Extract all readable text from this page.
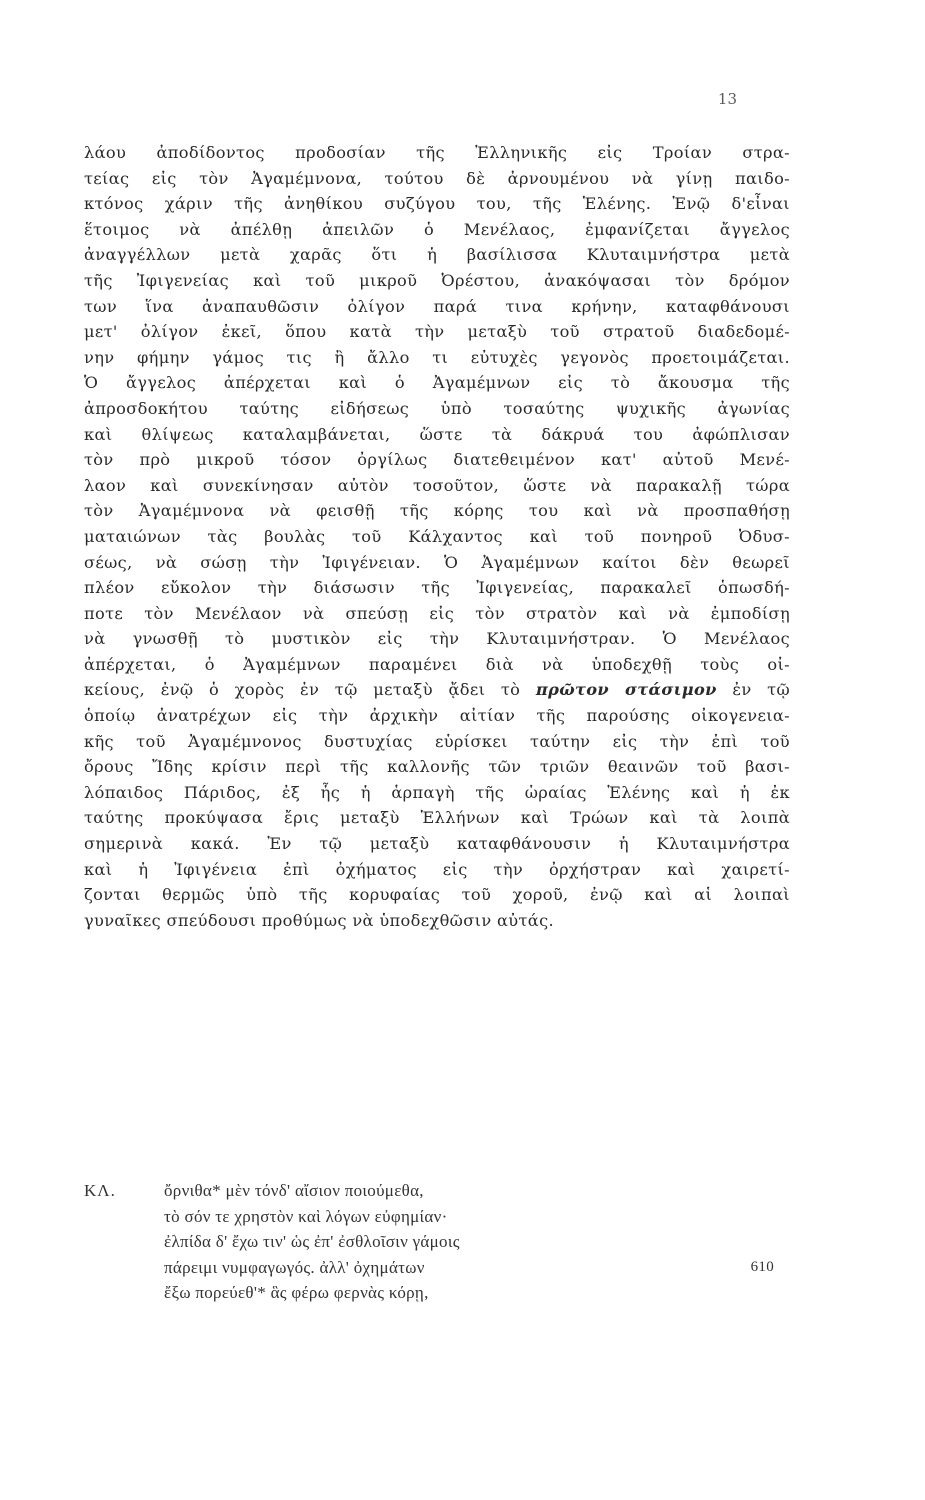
13
λάου ἀποδίδοντος προδοσίαν τῆς Ἑλληνικῆς εἰς Τροίαν στρα-
τείας εἰς τὸν Ἀγαμέμνονα, τούτου δὲ ἀρνουμένου νὰ γίνῃ παιδο-
κτόνος χάριν τῆς ἀνηθίκου συζύγου του, τῆς Ἑλένης. Ἐνῷ δ'εἶναι
ἕτοιμος νὰ ἀπέλθῃ ἀπειλῶν ὁ Μενέλαος, ἐμφανίζεται ἄγγελος
ἀναγγέλλων μετὰ χαρᾶς ὅτι ἡ βασίλισσα Κλυταιμνήστρα μετὰ
τῆς Ἰφιγενείας καὶ τοῦ μικροῦ Ὀρέστου, ἀνακόψασαι τὸν δρόμον
των ἵνα ἀναπαυθῶσιν ὀλίγον παρά τινα κρήνην, καταφθάνουσι
μετ' ὀλίγον ἐκεῖ, ὅπου κατὰ τὴν μεταξὺ τοῦ στρατοῦ διαδεδομέ-
νην φήμην γάμος τις ἢ ἄλλο τι εὐτυχὲς γεγονὸς προετοιμάζεται.
Ὁ ἄγγελος ἀπέρχεται καὶ ὁ Ἀγαμέμνων εἰς τὸ ἄκουσμα τῆς
ἀπροσδοκήτου ταύτης εἰδήσεως ὑπὸ τοσαύτης ψυχικῆς ἀγωνίας
καὶ θλίψεως καταλαμβάνεται, ὥστε τὰ δάκρυά του ἀφώπλισαν
τὸν πρὸ μικροῦ τόσον ὀργίλως διατεθειμένον κατ' αὐτοῦ Μενέ-
λαον καὶ συνεκίνησαν αὐτὸν τοσοῦτον, ὥστε νὰ παρακαλῇ τώρα
τὸν Ἀγαμέμνονα νὰ φεισθῇ τῆς κόρης του καὶ νὰ προσπαθήσῃ
ματαιώνων τὰς βουλὰς τοῦ Κάλχαντος καὶ τοῦ πονηροῦ Ὀδυσ-
σέως, νὰ σώσῃ τὴν Ἰφιγένειαν. Ὁ Ἀγαμέμνων καίτοι δὲν θεωρεῖ
πλέον εὔκολον τὴν διάσωσιν τῆς Ἰφιγενείας, παρακαλεῖ ὁπωσδή-
ποτε τὸν Μενέλαον νὰ σπεύσῃ εἰς τὸν στρατὸν καὶ νὰ ἐμποδίσῃ
νὰ γνωσθῇ τὸ μυστικὸν εἰς τὴν Κλυταιμνήστραν. Ὁ Μενέλαος
ἀπέρχεται, ὁ Ἀγαμέμνων παραμένει διὰ νὰ ὑποδεχθῇ τοὺς οἰ-
κείους, ἐνῷ ὁ χορὸς ἐν τῷ μεταξὺ ᾄδει τὸ πρῶτον στάσιμον ἐν τῷ
ὁποίῳ ἀνατρέχων εἰς τὴν ἀρχικὴν αἰτίαν τῆς παρούσης οἰκογενεια-
κῆς τοῦ Ἀγαμέμνονος δυστυχίας εὑρίσκει ταύτην εἰς τὴν ἐπὶ τοῦ
ὄρους Ἴδης κρίσιν περὶ τῆς καλλονῆς τῶν τριῶν θεαινῶν τοῦ βασι-
λόπαιδος Πάριδος, ἐξ ἧς ἡ ἁρπαγὴ τῆς ὡραίας Ἑλένης καὶ ἡ ἐκ
ταύτης προκύψασα ἔρις μεταξὺ Ἑλλήνων καὶ Τρώων καὶ τὰ λοιπὰ
σημερινὰ κακά. Ἐν τῷ μεταξὺ καταφθάνουσιν ἡ Κλυταιμνήστρα
καὶ ἡ Ἰφιγένεια ἐπὶ ὀχήματος εἰς τὴν ὀρχήστραν καὶ χαιρετί-
ζονται θερμῶς ὑπὸ τῆς κορυφαίας τοῦ χοροῦ, ἐνῷ καὶ αἱ λοιπαὶ
γυναῖκες σπεύδουσι προθύμως νὰ ὑποδεχθῶσιν αὐτάς.
ΚΛ.	ὄρνιθα* μὲν τόνδ' αἴσιον ποιούμεθα,
τὸ σόν τε χρηστὸν καὶ λόγων εὐφημίαν·
ἐλπίδα δ' ἔχω τιν' ὡς ἐπ' ἐσθλοῖσιν γάμοις
πάρειμι νυμφαγωγός. ἀλλ' ὀχημάτων	610
ἔξω πορεύεθ'* ἃς φέρω φερνὰς κόρῃ,
